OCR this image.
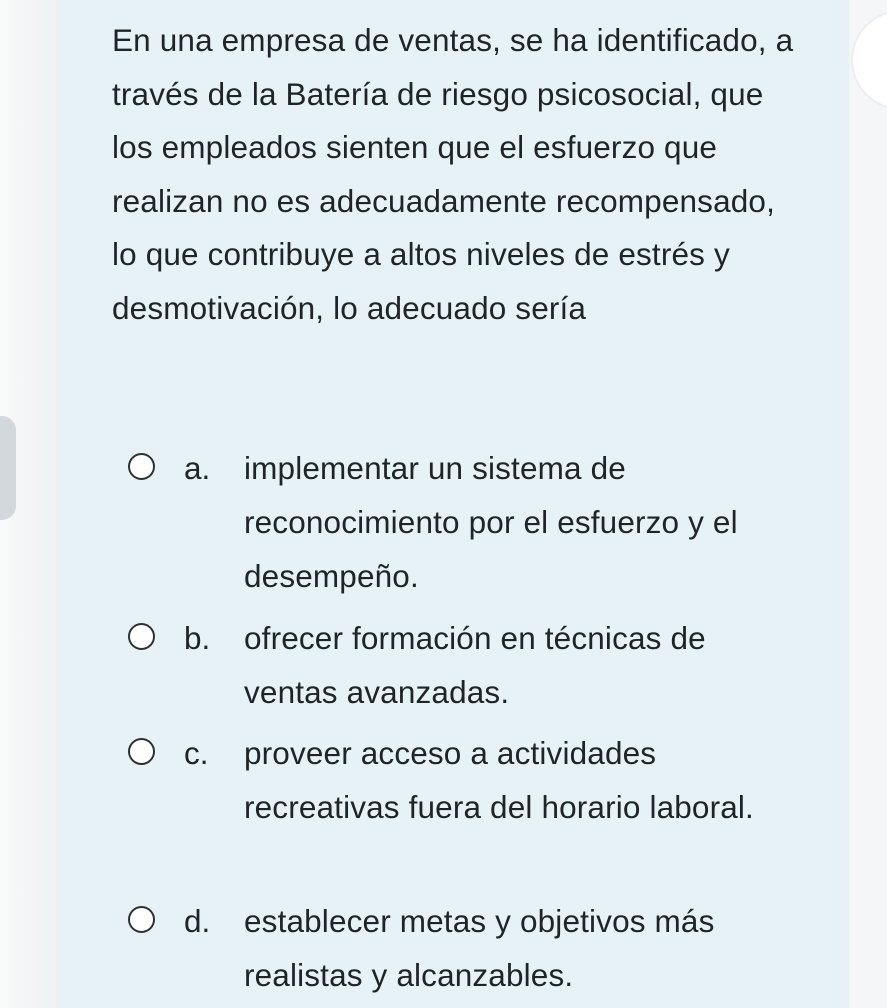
En una empresa de ventas, se ha identificado, a través de la Batería de riesgo psicosocial, que los empleados sienten que el esfuerzo que realizan no es adecuadamente recompensado, lo que contribuye a altos niveles de estrés y desmotivación, lo adecuado sería

a. implementar un sistema de reconocimiento por el esfuerzo y el desempeño.
b. ofrecer formación en técnicas de ventas avanzadas.
c. proveer acceso a actividades recreativas fuera del horario laboral.
d. establecer metas y objetivos más realistas y alcanzables.
